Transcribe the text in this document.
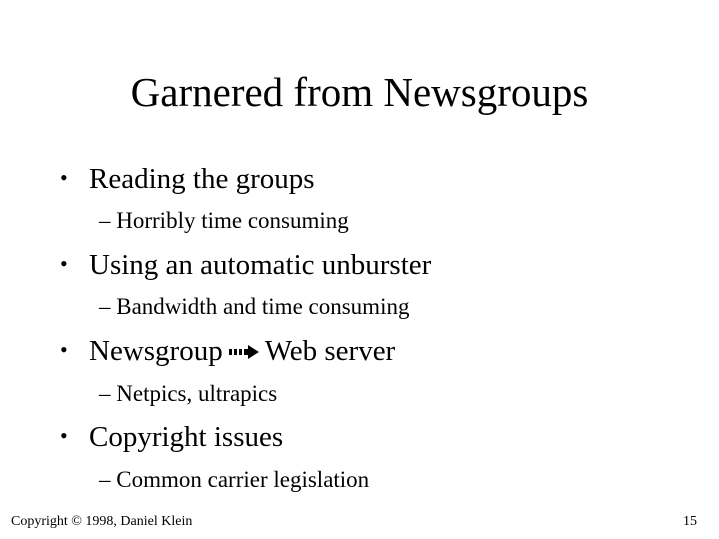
Garnered from Newsgroups
• Reading the groups
– Horribly time consuming
• Using an automatic unburster
– Bandwidth and time consuming
• Newsgroup Web server
– Netpics, ultrapics
• Copyright issues
– Common carrier legislation
Copyright © 1998, Daniel Klein	15
